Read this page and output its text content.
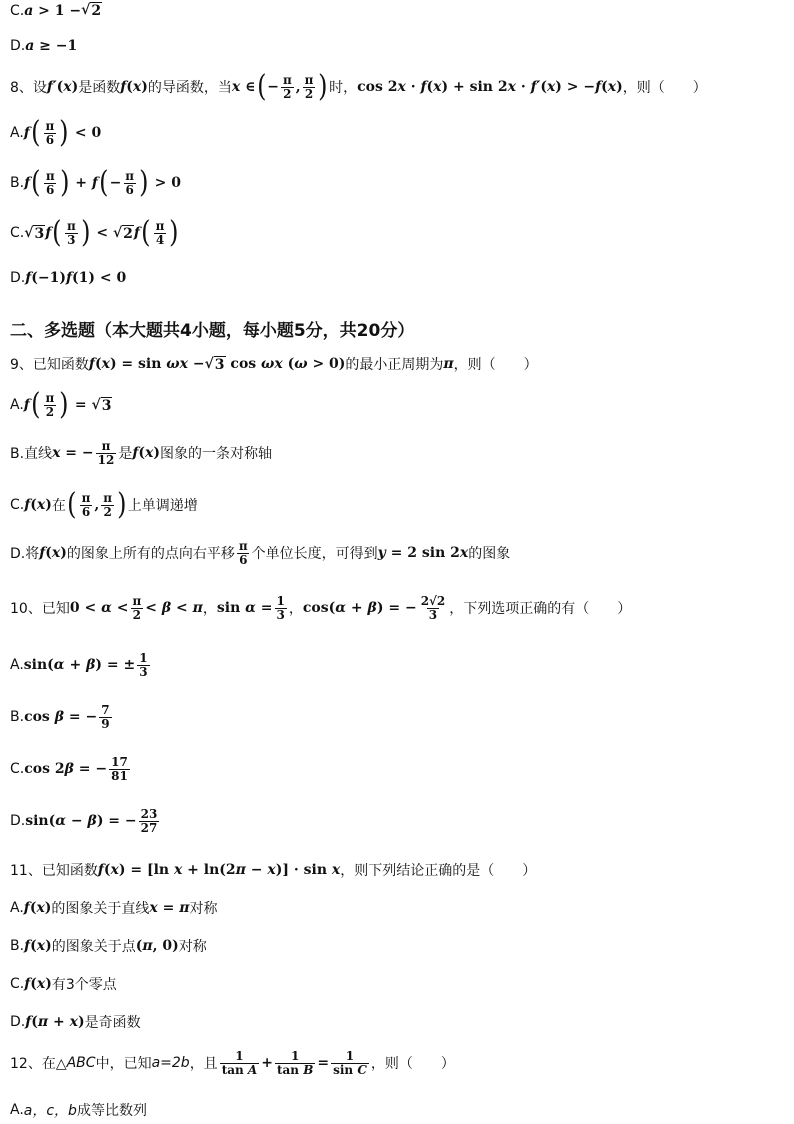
C. a > 1 − √ 2
D. a ≥ −1
8、 设 f′(x) 是函数 f(x) 的导函数，当 x ∈ ( − $\frac{\pi}{2}$ , $\frac{\pi}{2}$ ) 时， cos 2x · f(x) + sin 2x · f′(x) > −f(x) ，则（　　）
A. f ( $\frac{\pi}{6}$ ) < 0
B. f ( $\frac{\pi}{6}$ ) + f ( − $\frac{\pi}{6}$ ) > 0
C. √ 3 f ( $\frac{\pi}{3}$ ) < √ 2 f ( $\frac{\pi}{4}$ )
D. f(−1)f(1) < 0
二、多选题（本大题共4小题，每小题5分，共20分）
9、 已知函数 f(x) = sin ωx − √ 3 cos ωx (ω > 0) 的最小正周期为 π ，则（　　）
A. f ( $\frac{\pi}{2}$ ) = √ 3
B.直线 x = − $\frac{\pi}{12}$ 是 f(x) 图象的一条对称轴
C. f(x) 在 ( $\frac{\pi}{6}$ , $\frac{\pi}{2}$ ) 上单调递增
D.将 f(x) 的图象上所有的点向右平移 $\frac{\pi}{6}$ 个单位长度，可得到 y = 2 sin 2x 的图象
10、 已知 $0 < \alpha < \frac{\pi}{2} < \beta < \pi$ ， $\sin \alpha = \frac{1}{3}$ ， cos(α + β) = − $\frac{2√2}{3}$ ，下列选项正确的有（　　）
A. sin(α + β) = ± $\frac{1}{3}$
B. cos β = − $\frac{7}{9}$
C. cos 2β = − $\frac{17}{81}$
D. sin(α − β) = − $\frac{23}{27}$
11、 已知函数 f(x) = [ln x + ln(2π − x)] · sin x ，则下列结论正确的是（　　）
A. f(x) 的图象关于直线 x = π 对称
B. f(x) 的图象关于点 (π, 0) 对称
C. f(x) 有3个零点
D. f(π + x) 是奇函数
12、 在△ ABC 中，已知 a=2b ，且 $\frac{1}{\text{tan A}} + \frac{1}{\text{tan B}} = \frac{1}{\text{sin C}}$ ，则（　　）
A. a，c，b 成等比数列
